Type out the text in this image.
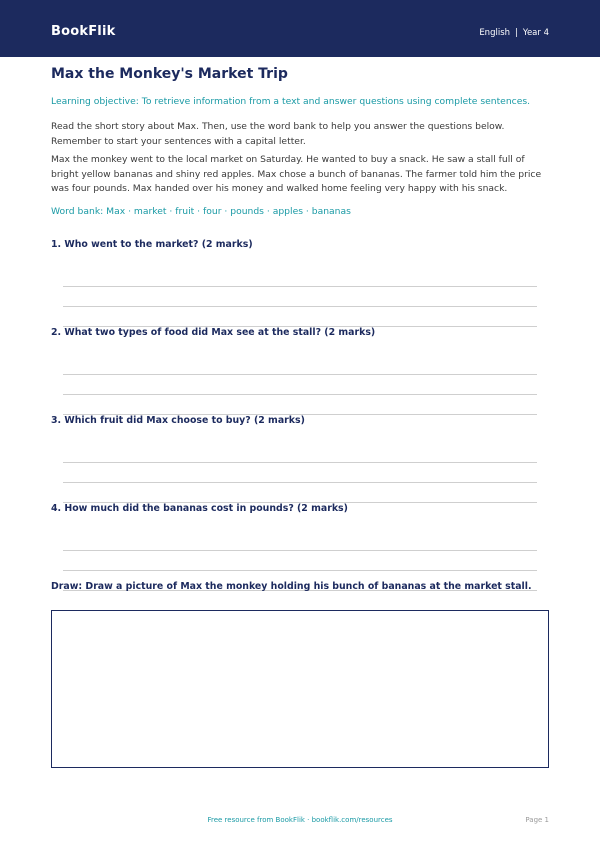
BookFlik	English | Year 4
Max the Monkey's Market Trip
Learning objective: To retrieve information from a text and answer questions using complete sentences.
Read the short story about Max. Then, use the word bank to help you answer the questions below. Remember to start your sentences with a capital letter.
Max the monkey went to the local market on Saturday. He wanted to buy a snack. He saw a stall full of bright yellow bananas and shiny red apples. Max chose a bunch of bananas. The farmer told him the price was four pounds. Max handed over his money and walked home feeling very happy with his snack.
Word bank: Max · market · fruit · four · pounds · apples · bananas
1. Who went to the market? (2 marks)
2. What two types of food did Max see at the stall? (2 marks)
3. Which fruit did Max choose to buy? (2 marks)
4. How much did the bananas cost in pounds? (2 marks)
Draw: Draw a picture of Max the monkey holding his bunch of bananas at the market stall.
Free resource from BookFlik · bookflik.com/resources	Page 1
